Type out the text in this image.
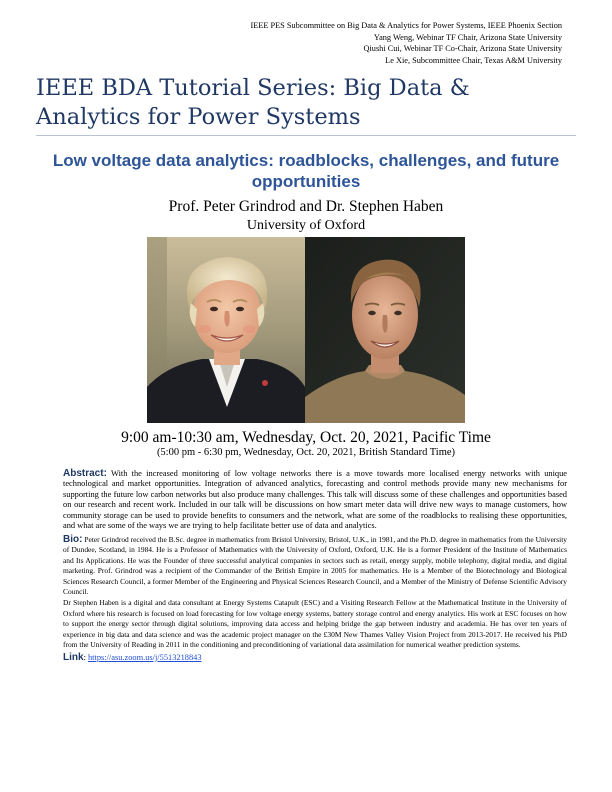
IEEE PES Subcommittee on Big Data & Analytics for Power Systems, IEEE Phoenix Section
Yang Weng, Webinar TF Chair, Arizona State University
Qiushi Cui, Webinar TF Co-Chair, Arizona State University
Le Xie, Subcommittee Chair, Texas A&M University
IEEE BDA Tutorial Series: Big Data & Analytics for Power Systems
Low voltage data analytics: roadblocks, challenges, and future opportunities
Prof. Peter Grindrod and Dr. Stephen Haben
University of Oxford
9:00 am-10:30 am, Wednesday, Oct. 20, 2021, Pacific Time
(5:00 pm - 6:30 pm, Wednesday, Oct. 20, 2021, British Standard Time)

Abstract: With the increased monitoring of low voltage networks there is a move towards more localised energy networks with unique technological and market opportunities. Integration of advanced analytics, forecasting and control methods provide many new mechanisms for supporting the future low carbon networks but also produce many challenges. This talk will discuss some of these challenges and opportunities based on our research and recent work. Included in our talk will be discussions on how smart meter data will drive new ways to manage customers, how community storage can be used to provide benefits to consumers and the network, what are some of the roadblocks to realising these opportunities, and what are some of the ways we are trying to help facilitate better use of data and analytics.

Bio: Peter Grindrod received the B.Sc. degree in mathematics from Bristol University, Bristol, U.K., in 1981, and the Ph.D. degree in mathematics from the University of Dundee, Scotland, in 1984. He is a Professor of Mathematics with the University of Oxford, Oxford, U.K. He is a former President of the Institute of Mathematics and Its Applications. He was the Founder of three successful analytical companies in sectors such as retail, energy supply, mobile telephony, digital media, and digital marketing. Prof. Grindrod was a recipient of the Commander of the British Empire in 2005 for mathematics. He is a Member of the Biotechnology and Biological Sciences Research Council, a former Member of the Engineering and Physical Sciences Research Council, and a Member of the Ministry of Defense Scientific Advisory Council.

Dr Stephen Haben is a digital and data consultant at Energy Systems Catapult (ESC) and a Visiting Research Fellow at the Mathematical Institute in the University of Oxford where his research is focused on load forecasting for low voltage energy systems, battery storage control and energy analytics. His work at ESC focuses on how to support the energy sector through digital solutions, improving data access and helping bridge the gap between industry and academia. He has over ten years of experience in big data and data science and was the academic project manager on the £30M New Thames Valley Vision Project from 2013-2017. He received his PhD from the University of Reading in 2011 in the conditioning and preconditioning of variational data assimilation for numerical weather prediction systems.

Link: https://asu.zoom.us/j/5513218843
